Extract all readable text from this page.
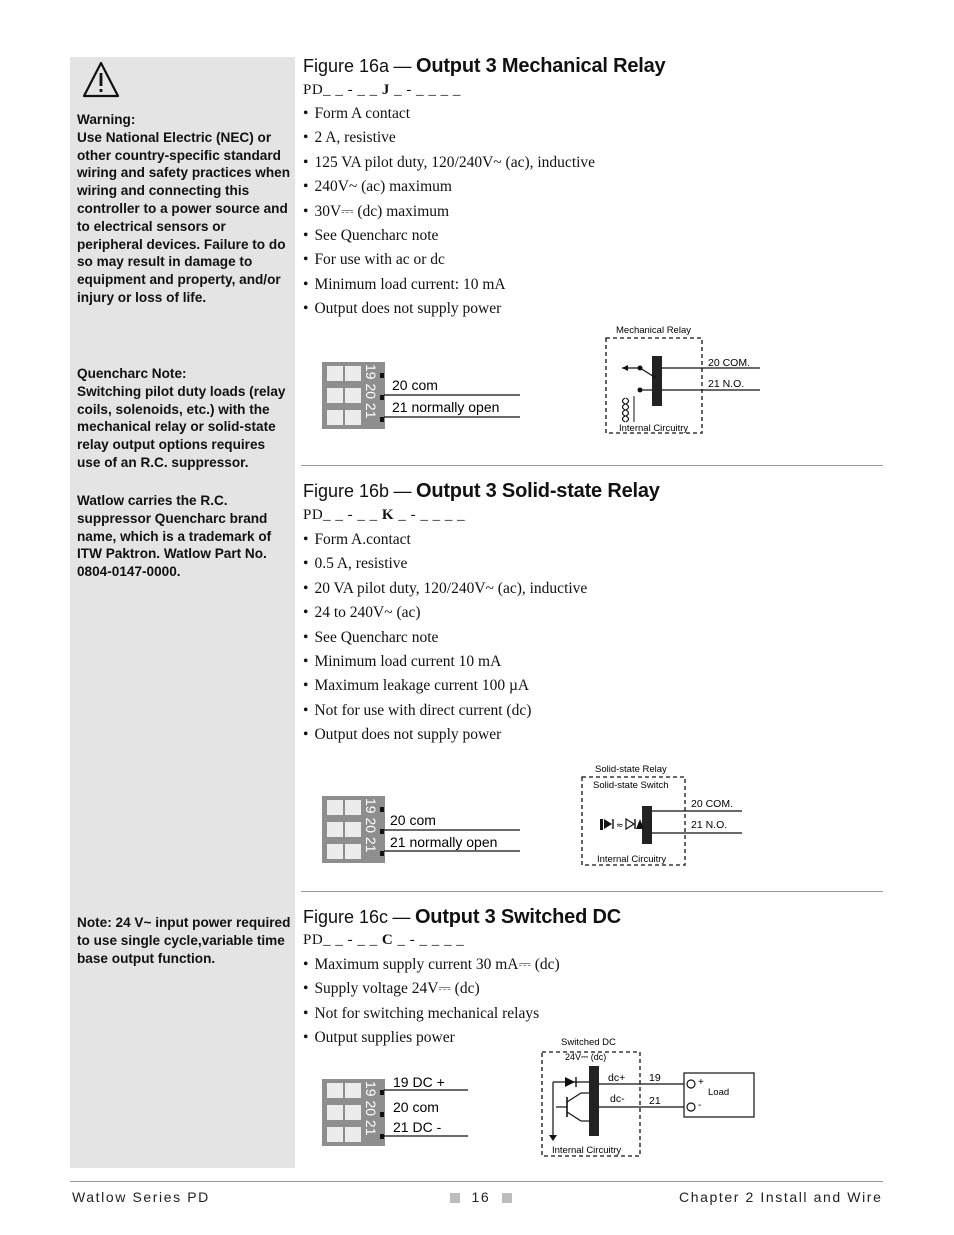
Warning:

Use National Electric (NEC) or other country-specific standard wiring and safety practices when wiring and connecting this controller to a power source and to electrical sensors or peripheral devices. Failure to do so may result in damage to equipment and property, and/or injury or loss of life.

Quencharc Note:

Switching pilot duty loads (relay coils, solenoids, etc.) with the mechanical relay or solid-state relay output options requires use of an R.C. suppressor.

Watlow carries the R.C. suppressor Quencharc brand name, which is a trademark of ITW Paktron. Watlow Part No. 0804-0147-0000.

Note: 24 V~ input power required to use single cycle,variable time base output function.

Figure 16a — Output 3 Mechanical Relay
PD_ _ - _ _ J _ - _ _ _ _
• Form A contact
• 2 A, resistive
• 125 VA pilot duty, 120/240V~ (ac), inductive
• 240V~ (ac) maximum
• 30V⎓ (dc) maximum
• See Quencharc note
• For use with ac or dc
• Minimum load current: 10 mA
• Output does not supply power
19 20 21 20 com
21 normally open
Mechanical Relay
20 COM.
21 N.O.
Internal Circuitry
Figure 16b — Output 3 Solid-state Relay
PD_ _ - _ _ K _ - _ _ _ _
• Form A.contact
• 0.5 A, resistive
• 20 VA pilot duty, 120/240V~ (ac), inductive
• 24 to 240V~ (ac)
• See Quencharc note
• Minimum load current 10 mA
• Maximum leakage current 100 µA
• Not for use with direct current (dc)
• Output does not supply power
19 20 21 20 com
21 normally open
Solid-state Relay
Solid-state Switch
≈
20 COM.
21 N.O.
Internal Circuitry
Figure 16c — Output 3 Switched DC
PD_ _ - _ _ C _ - _ _ _ _
• Maximum supply current 30 mA⎓ (dc)
• Supply voltage 24V⎓ (dc)
• Not for switching mechanical relays
• Output supplies power
19 20 21 19 DC +
20 com
21 DC -
Switched DC
24V⎓ (dc)
dc+
dc-
19
21
+
-
Load
Internal Circuitry
Watlow Series PD	16	Chapter 2 Install and Wire
